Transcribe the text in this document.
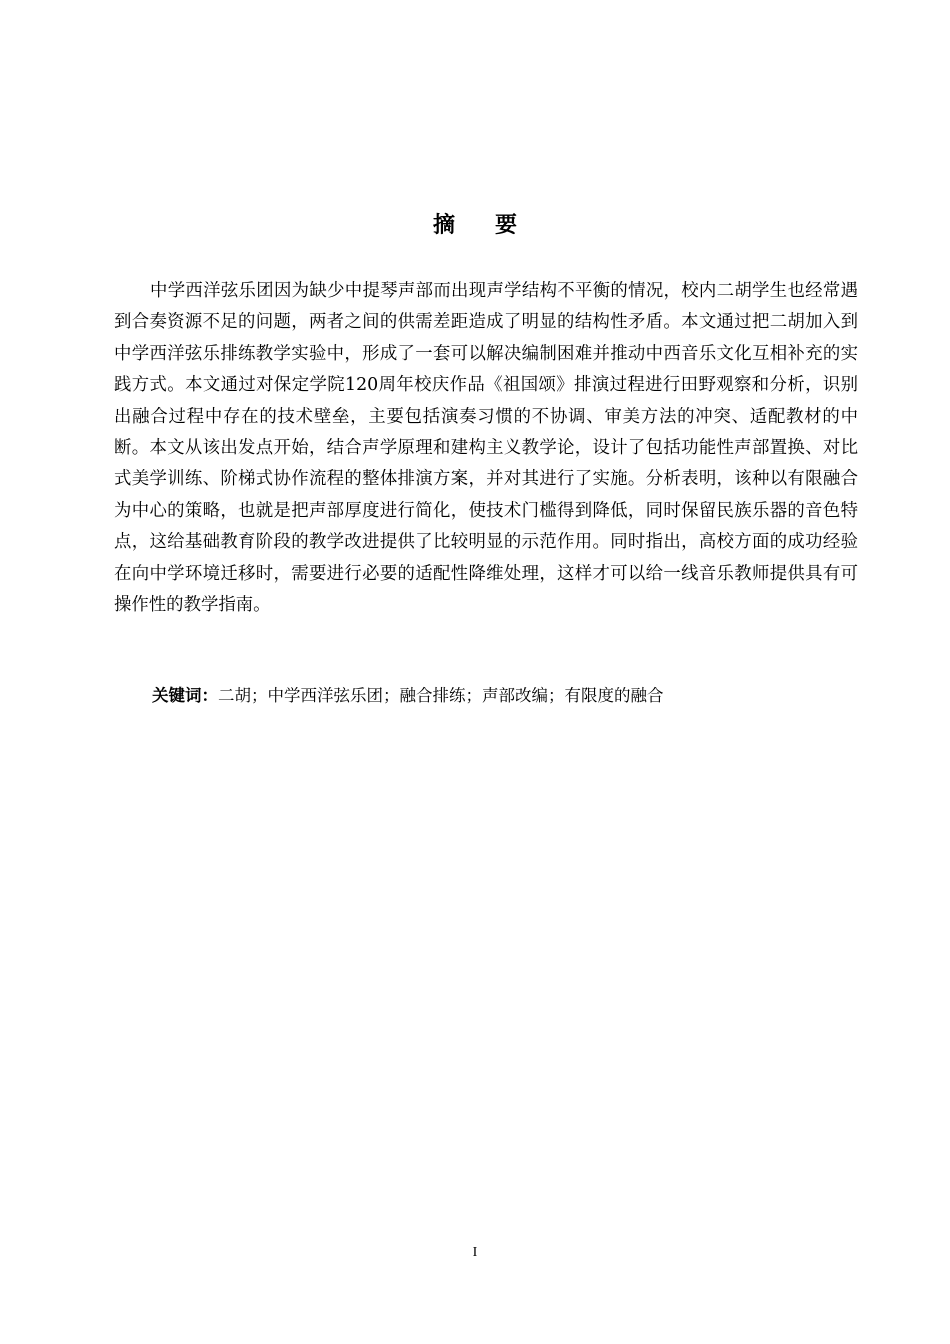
摘要

中学西洋弦乐团因为缺少中提琴声部而出现声学结构不平衡的情况，校内二胡学生也经常遇到合奏资源不足的问题，两者之间的供需差距造成了明显的结构性矛盾。本文通过把二胡加入到中学西洋弦乐排练教学实验中，形成了一套可以解决编制困难并推动中西音乐文化互相补充的实践方式。本文通过对保定学院120周年校庆作品《祖国颂》排演过程进行田野观察和分析，识别出融合过程中存在的技术壁垒，主要包括演奏习惯的不协调、审美方法的冲突、适配教材的中断。本文从该出发点开始，结合声学原理和建构主义教学论，设计了包括功能性声部置换、对比式美学训练、阶梯式协作流程的整体排演方案，并对其进行了实施。分析表明，该种以有限融合为中心的策略，也就是把声部厚度进行简化，使技术门槛得到降低，同时保留民族乐器的音色特点，这给基础教育阶段的教学改进提供了比较明显的示范作用。同时指出，高校方面的成功经验在向中学环境迁移时，需要进行必要的适配性降维处理，这样才可以给一线音乐教师提供具有可操作性的教学指南。

关键词：二胡；中学西洋弦乐团；融合排练；声部改编；有限度的融合
I
